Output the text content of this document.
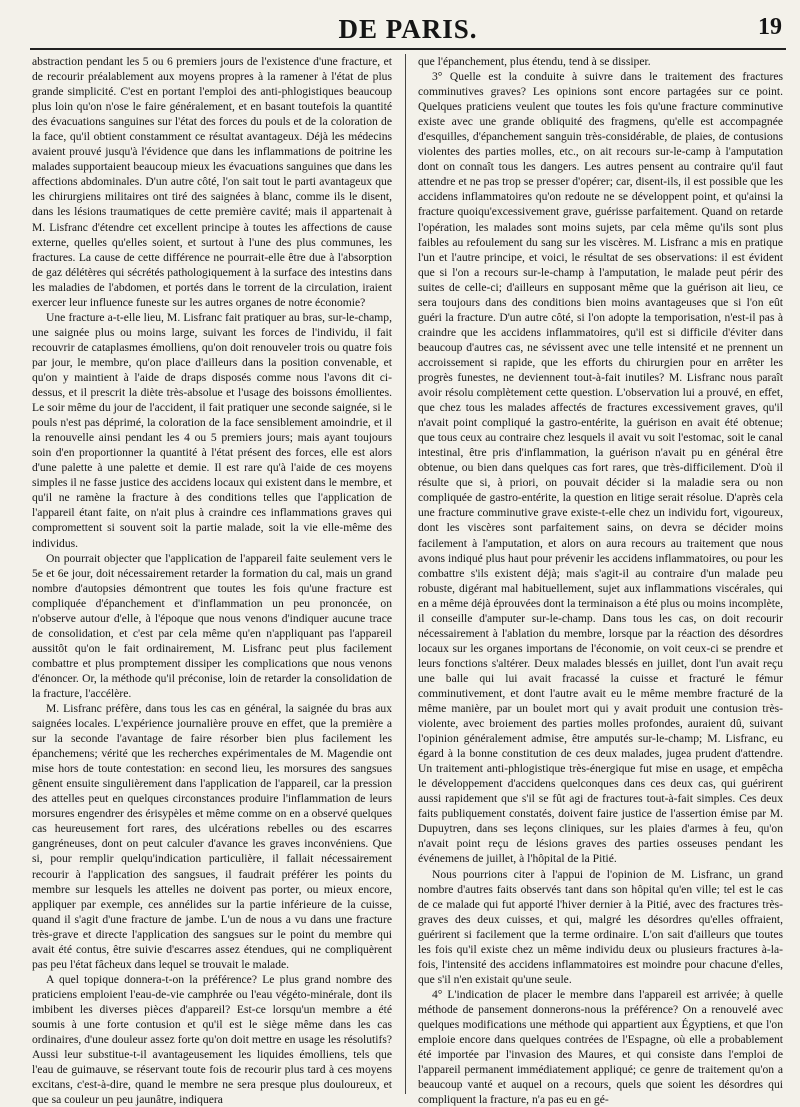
DE PARIS.	19

abstraction pendant les 5 ou 6 premiers jours de l'existence d'une fracture, et de recourir préalablement aux moyens propres à la ramener à l'état de plus grande simplicité. C'est en portant l'emploi des anti-phlogistiques beaucoup plus loin qu'on n'ose le faire généralement, et en basant toutefois la quantité des évacuations sanguines sur l'état des forces du pouls et de la coloration de la face, qu'il obtient constamment ce résultat avantageux. Déjà les médecins avaient prouvé jusqu'à l'évidence que dans les inflammations de poitrine les malades supportaient beaucoup mieux les évacuations sanguines que dans les affections abdominales. D'un autre côté, l'on sait tout le parti avantageux que les chirurgiens militaires ont tiré des saignées à blanc, comme ils le disent, dans les lésions traumatiques de cette première cavité; mais il appartenait à M. Lisfranc d'étendre cet excellent principe à toutes les affections de cause externe, quelles qu'elles soient, et surtout à l'une des plus communes, les fractures. La cause de cette différence ne pourrait-elle être due à l'absorption de gaz délétères qui sécrétés pathologiquement à la surface des intestins dans les maladies de l'abdomen, et portés dans le torrent de la circulation, iraient exercer leur influence funeste sur les autres organes de notre économie?

Une fracture a-t-elle lieu, M. Lisfranc fait pratiquer au bras, sur-le-champ, une saignée plus ou moins large, suivant les forces de l'individu, il fait recouvrir de cataplasmes émolliens, qu'on doit renouveler trois ou quatre fois par jour, le membre, qu'on place d'ailleurs dans la position convenable, et qu'on y maintient à l'aide de draps disposés comme nous l'avons dit ci-dessus, et il prescrit la diète très-absolue et l'usage des boissons émollientes. Le soir même du jour de l'accident, il fait pratiquer une seconde saignée, si le pouls n'est pas déprimé, la coloration de la face sensiblement amoindrie, et il la renouvelle ainsi pendant les 4 ou 5 premiers jours; mais ayant toujours soin d'en proportionner la quantité à l'état présent des forces, elle est alors d'une palette à une palette et demie. Il est rare qu'à l'aide de ces moyens simples il ne fasse justice des accidens locaux qui existent dans le membre, et qu'il ne ramène la fracture à des conditions telles que l'application de l'appareil étant faite, on n'ait plus à craindre ces inflammations graves qui compromettent si souvent soit la partie malade, soit la vie elle-même des individus.

On pourrait objecter que l'application de l'appareil faite seulement vers le 5e et 6e jour, doit nécessairement retarder la formation du cal, mais un grand nombre d'autopsies démontrent que toutes les fois qu'une fracture est compliquée d'épanchement et d'inflammation un peu prononcée, on n'observe autour d'elle, à l'époque que nous venons d'indiquer aucune trace de consolidation, et c'est par cela même qu'en n'appliquant pas l'appareil aussitôt qu'on le fait ordinairement, M. Lisfranc peut plus facilement combattre et plus promptement dissiper les complications que nous venons d'énoncer. Or, la méthode qu'il préconise, loin de retarder la consolidation de la fracture, l'accélère.

M. Lisfranc préfère, dans tous les cas en général, la saignée du bras aux saignées locales. L'expérience journalière prouve en effet, que la première a sur la seconde l'avantage de faire résorber bien plus facilement les épanchemens; vérité que les recherches expérimentales de M. Magendie ont mise hors de toute contestation: en second lieu, les morsures des sangsues gênent ensuite singulièrement dans l'application de l'appareil, car la pression des attelles peut en quelques circonstances produire l'inflammation de leurs morsures engendrer des érisypèles et même comme on en a observé quelques cas heureusement fort rares, des ulcérations rebelles ou des escarres gangréneuses, dont on peut calculer d'avance les graves inconvéniens. Que si, pour remplir quelqu'indication particulière, il fallait nécessairement recourir à l'application des sangsues, il faudrait préférer les points du membre sur lesquels les attelles ne doivent pas porter, ou mieux encore, appliquer par exemple, ces annélides sur la partie inférieure de la cuisse, quand il s'agit d'une fracture de jambe. L'un de nous a vu dans une fracture très-grave et directe l'application des sangsues sur le point du membre qui avait été contus, être suivie d'escarres assez étendues, qui ne compliquèrent pas peu l'état fâcheux dans lequel se trouvait le malade.

A quel topique donnera-t-on la préférence? Le plus grand nombre des praticiens emploient l'eau-de-vie camphrée ou l'eau végéto-minérale, dont ils imbibent les diverses pièces d'appareil? Est-ce lorsqu'un membre a été soumis à une forte contusion et qu'il est le siège même dans les cas ordinaires, d'une douleur assez forte qu'on doit mettre en usage les résolutifs? Aussi leur substitue-t-il avantageusement les liquides émolliens, tels que l'eau de guimauve, se réservant toute fois de recourir plus tard à ces moyens excitans, c'est-à-dire, quand le membre ne sera presque plus douloureux, et que sa couleur un peu jaunâtre, indiquera

que l'épanchement, plus étendu, tend à se dissiper.

3° Quelle est la conduite à suivre dans le traitement des fractures comminutives graves? Les opinions sont encore partagées sur ce point. Quelques praticiens veulent que toutes les fois qu'une fracture comminutive existe avec une grande obliquité des fragmens, qu'elle est accompagnée d'esquilles, d'épanchement sanguin très-considérable, de plaies, de contusions violentes des parties molles, etc., on ait recours sur-le-camp à l'amputation dont on connaît tous les dangers. Les autres pensent au contraire qu'il faut attendre et ne pas trop se presser d'opérer; car, disent-ils, il est possible que les accidens inflammatoires qu'on redoute ne se développent point, et qu'ainsi la fracture quoiqu'excessivement grave, guérisse parfaitement. Quand on retarde l'opération, les malades sont moins sujets, par cela même qu'ils sont plus faibles au refoulement du sang sur les viscères. M. Lisfranc a mis en pratique l'un et l'autre principe, et voici, le résultat de ses observations: il est évident que si l'on a recours sur-le-champ à l'amputation, le malade peut périr des suites de celle-ci; d'ailleurs en supposant même que la guérison ait lieu, ce sera toujours dans des conditions bien moins avantageuses que si l'on eût guéri la fracture. D'un autre côté, si l'on adopte la temporisation, n'est-il pas à craindre que les accidens inflammatoires, qu'il est si difficile d'éviter dans beaucoup d'autres cas, ne sévissent avec une telle intensité et ne prennent un accroissement si rapide, que les efforts du chirurgien pour en arrêter les progrès funestes, ne deviennent tout-à-fait inutiles? M. Lisfranc nous paraît avoir résolu complètement cette question. L'observation lui a prouvé, en effet, que chez tous les malades affectés de fractures excessivement graves, qu'il n'avait point compliqué la gastro-entérite, la guérison en avait été obtenue; que tous ceux au contraire chez lesquels il avait vu soit l'estomac, soit le canal intestinal, être pris d'inflammation, la guérison n'avait pu en général être obtenue, ou bien dans quelques cas fort rares, que très-difficilement. D'où il résulte que si, à priori, on pouvait décider si la maladie sera ou non compliquée de gastro-entérite, la question en litige serait résolue. D'après cela une fracture comminutive grave existe-t-elle chez un individu fort, vigoureux, dont les viscères sont parfaitement sains, on devra se décider moins facilement à l'amputation, et alors on aura recours au traitement que nous avons indiqué plus haut pour prévenir les accidens inflammatoires, ou pour les combattre s'ils existent déjà; mais s'agit-il au contraire d'un malade peu robuste, digérant mal habituellement, sujet aux inflammations viscérales, qui en a même déjà éprouvées dont la terminaison a été plus ou moins incomplète, il conseille d'amputer sur-le-champ. Dans tous les cas, on doit recourir nécessairement à l'ablation du membre, lorsque par la réaction des désordres locaux sur les organes importans de l'économie, on voit ceux-ci se prendre et leurs fonctions s'altérer. Deux malades blessés en juillet, dont l'un avait reçu une balle qui lui avait fracassé la cuisse et fracturé le fémur comminutivement, et dont l'autre avait eu le même membre fracturé de la même manière, par un boulet mort qui y avait produit une contusion très-violente, avec broiement des parties molles profondes, auraient dû, suivant l'opinion généralement admise, être amputés sur-le-champ; M. Lisfranc, eu égard à la bonne constitution de ces deux malades, jugea prudent d'attendre. Un traitement anti-phlogistique très-énergique fut mise en usage, et empêcha le développement d'accidens quelconques dans ces deux cas, qui guérirent aussi rapidement que s'il se fût agi de fractures tout-à-fait simples. Ces deux faits publiquement constatés, doivent faire justice de l'assertion émise par M. Dupuytren, dans ses leçons cliniques, sur les plaies d'armes à feu, qu'on n'avait point reçu de lésions graves des parties osseuses pendant les événemens de juillet, à l'hôpital de la Pitié.

Nous pourrions citer à l'appui de l'opinion de M. Lisfranc, un grand nombre d'autres faits observés tant dans son hôpital qu'en ville; tel est le cas de ce malade qui fut apporté l'hiver dernier à la Pitié, avec des fractures très-graves des deux cuisses, et qui, malgré les désordres qu'elles offraient, guérirent si facilement que la terme ordinaire. L'on sait d'ailleurs que toutes les fois qu'il existe chez un même individu deux ou plusieurs fractures à-la-fois, l'intensité des accidens inflammatoires est moindre pour chacune d'elles, que s'il n'en existait qu'une seule.

4° L'indication de placer le membre dans l'appareil est arrivée; à quelle méthode de pansement donnerons-nous la préférence? On a renouvelé avec quelques modifications une méthode qui appartient aux Égyptiens, et que l'on emploie encore dans quelques contrées de l'Espagne, où elle a probablement été importée par l'invasion des Maures, et qui consiste dans l'emploi de l'appareil permanent immédiatement appliqué; ce genre de traitement qu'on a beaucoup vanté et auquel on a recours, quels que soient les désordres qui compliquent la fracture, n'a pas eu en gé-
